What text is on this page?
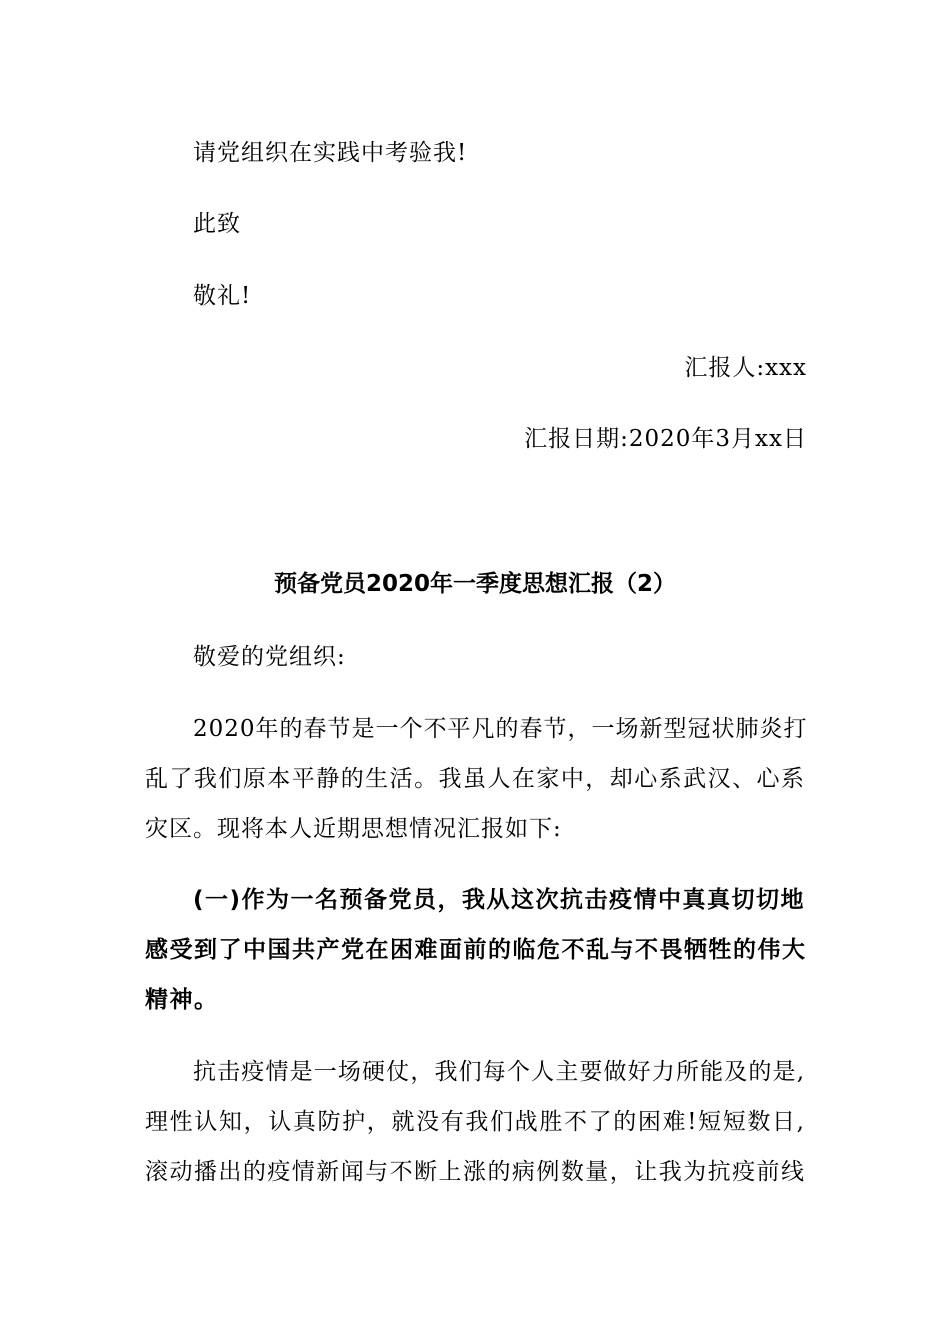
请党组织在实践中考验我!
此致
敬礼!
汇报人:xxx
汇报日期:2020年3月xx日
预备党员2020年一季度思想汇报（2）
敬爱的党组织:
2020年的春节是一个不平凡的春节，一场新型冠状肺炎打
乱了我们原本平静的生活。我虽人在家中，却心系武汉、心系
灾区。现将本人近期思想情况汇报如下:
(一)作为一名预备党员，我从这次抗击疫情中真真切切地
感受到了中国共产党在困难面前的临危不乱与不畏牺牲的伟大
精神。
抗击疫情是一场硬仗，我们每个人主要做好力所能及的是,
理性认知，认真防护，就没有我们战胜不了的困难!短短数日,
滚动播出的疫情新闻与不断上涨的病例数量，让我为抗疫前线
